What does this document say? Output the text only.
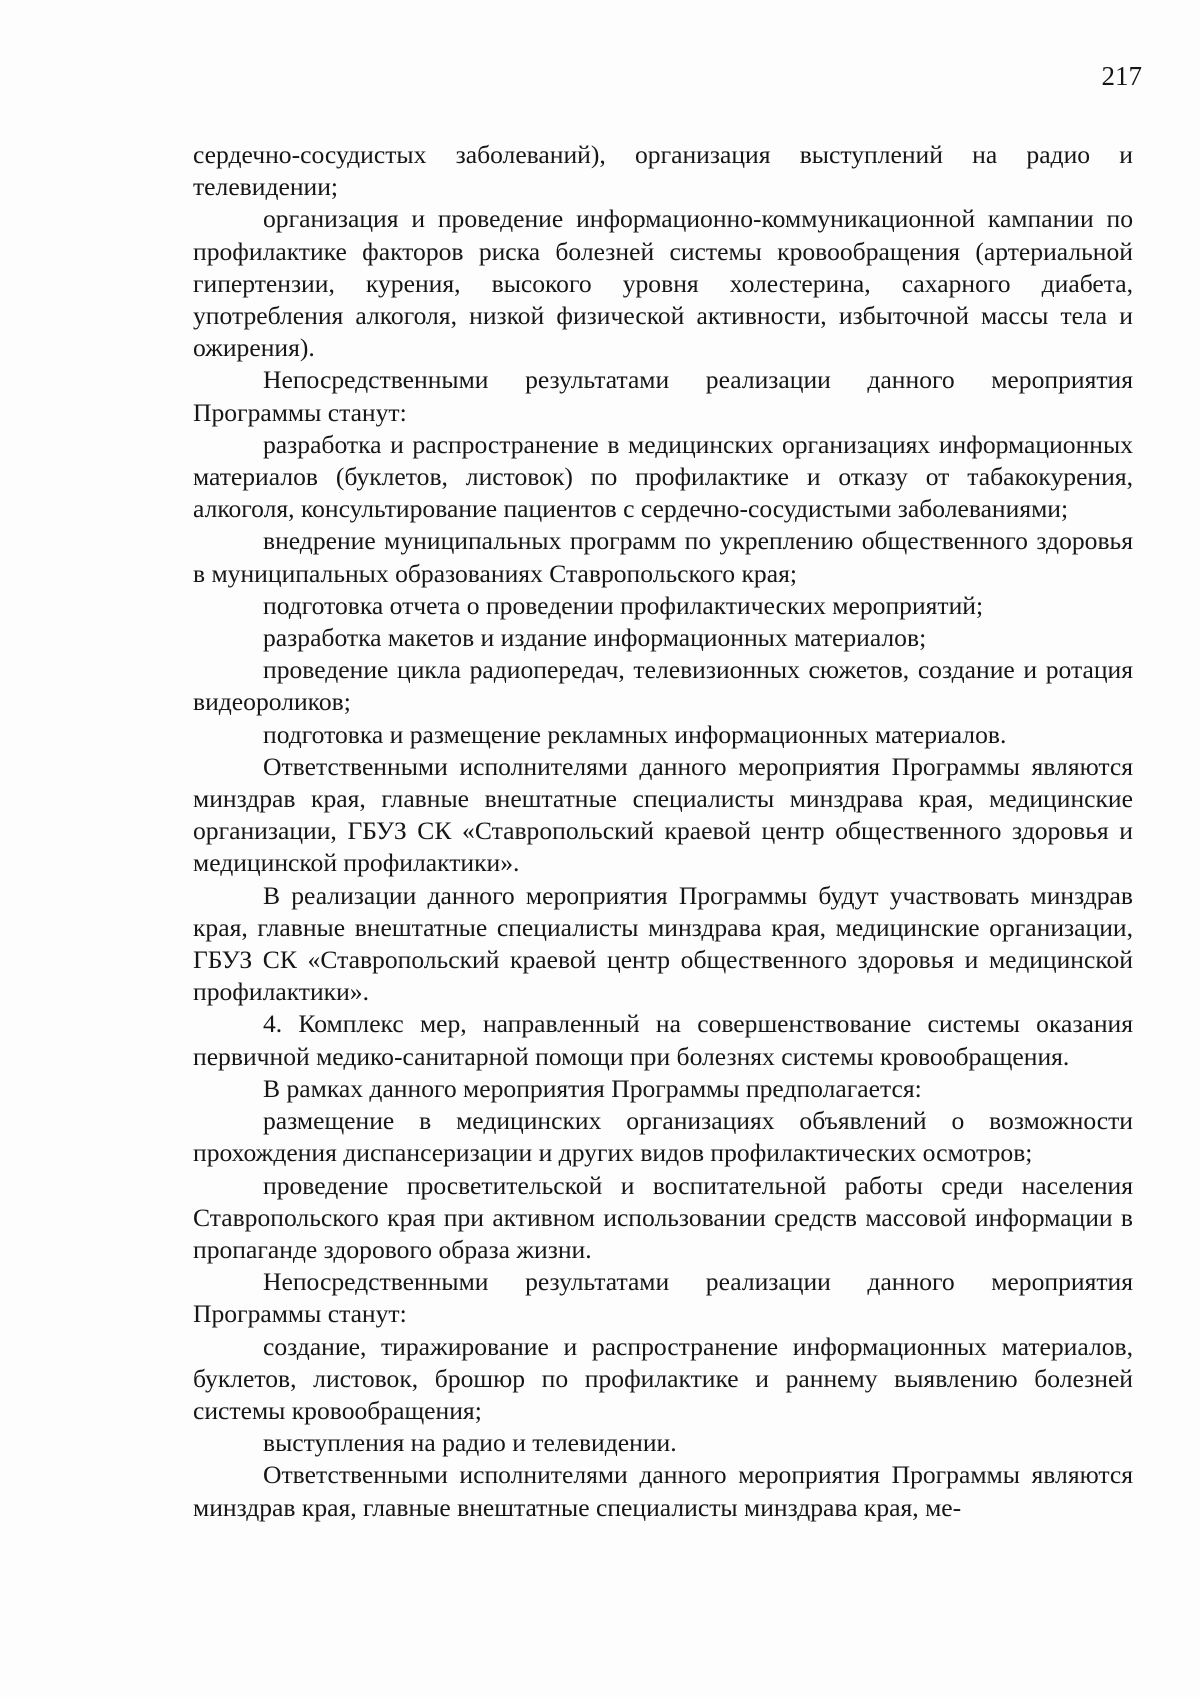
217

сердечно-сосудистых заболеваний), организация выступлений на радио и телевидении;

организация и проведение информационно-коммуникационной кампании по профилактике факторов риска болезней системы кровообращения (артериальной гипертензии, курения, высокого уровня холестерина, сахарного диабета, употребления алкоголя, низкой физической активности, избыточной массы тела и ожирения).

Непосредственными результатами реализации данного мероприятия Программы станут:

разработка и распространение в медицинских организациях информационных материалов (буклетов, листовок) по профилактике и отказу от табакокурения, алкоголя, консультирование пациентов с сердечно-сосудистыми заболеваниями;

внедрение муниципальных программ по укреплению общественного здоровья в муниципальных образованиях Ставропольского края;

подготовка отчета о проведении профилактических мероприятий;

разработка макетов и издание информационных материалов;

проведение цикла радиопередач, телевизионных сюжетов, создание и ротация видеороликов;

подготовка и размещение рекламных информационных материалов.

Ответственными исполнителями данного мероприятия Программы являются минздрав края, главные внештатные специалисты минздрава края, медицинские организации, ГБУЗ СК «Ставропольский краевой центр общественного здоровья и медицинской профилактики».

В реализации данного мероприятия Программы будут участвовать минздрав края, главные внештатные специалисты минздрава края, медицинские организации, ГБУЗ СК «Ставропольский краевой центр общественного здоровья и медицинской профилактики».

4. Комплекс мер, направленный на совершенствование системы оказания первичной медико-санитарной помощи при болезнях системы кровообращения.

В рамках данного мероприятия Программы предполагается:

размещение в медицинских организациях объявлений о возможности прохождения диспансеризации и других видов профилактических осмотров;

проведение просветительской и воспитательной работы среди населения Ставропольского края при активном использовании средств массовой информации в пропаганде здорового образа жизни.

Непосредственными результатами реализации данного мероприятия Программы станут:

создание, тиражирование и распространение информационных материалов, буклетов, листовок, брошюр по профилактике и раннему выявлению болезней системы кровообращения;

выступления на радио и телевидении.

Ответственными исполнителями данного мероприятия Программы являются минздрав края, главные внештатные специалисты минздрава края, ме-
